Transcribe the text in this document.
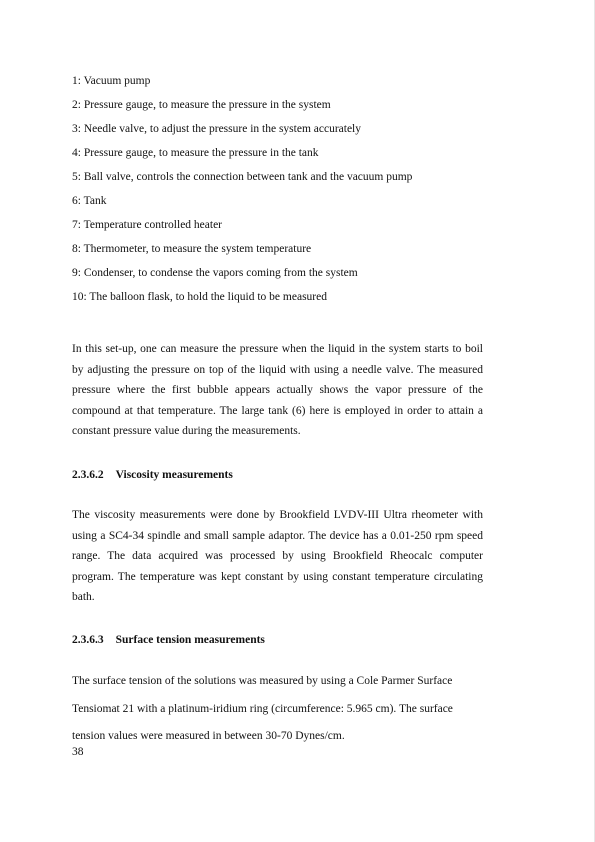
1: Vacuum pump
2: Pressure gauge, to measure the pressure in the system
3: Needle valve, to adjust the pressure in the system accurately
4: Pressure gauge, to measure the pressure in the tank
5: Ball valve, controls the connection between tank and the vacuum pump
6: Tank
7: Temperature controlled heater
8: Thermometer, to measure the system temperature
9: Condenser, to condense the vapors coming from the system
10: The balloon flask, to hold the liquid to be measured

In this set-up, one can measure the pressure when the liquid in the system starts to boil by adjusting the pressure on top of the liquid with using a needle valve. The measured pressure where the first bubble appears actually shows the vapor pressure of the compound at that temperature. The large tank (6) here is employed in order to attain a constant pressure value during the measurements.

2.3.6.2 Viscosity measurements

The viscosity measurements were done by Brookfield LVDV-III Ultra rheometer with using a SC4-34 spindle and small sample adaptor. The device has a 0.01-250 rpm speed range. The data acquired was processed by using Brookfield Rheocalc computer program. The temperature was kept constant by using constant temperature circulating bath.

2.3.6.3 Surface tension measurements
The surface tension of the solutions was measured by using a Cole Parmer Surface
Tensiomat 21 with a platinum-iridium ring (circumference: 5.965 cm). The surface
tension values were measured in between 30-70 Dynes/cm.
38
